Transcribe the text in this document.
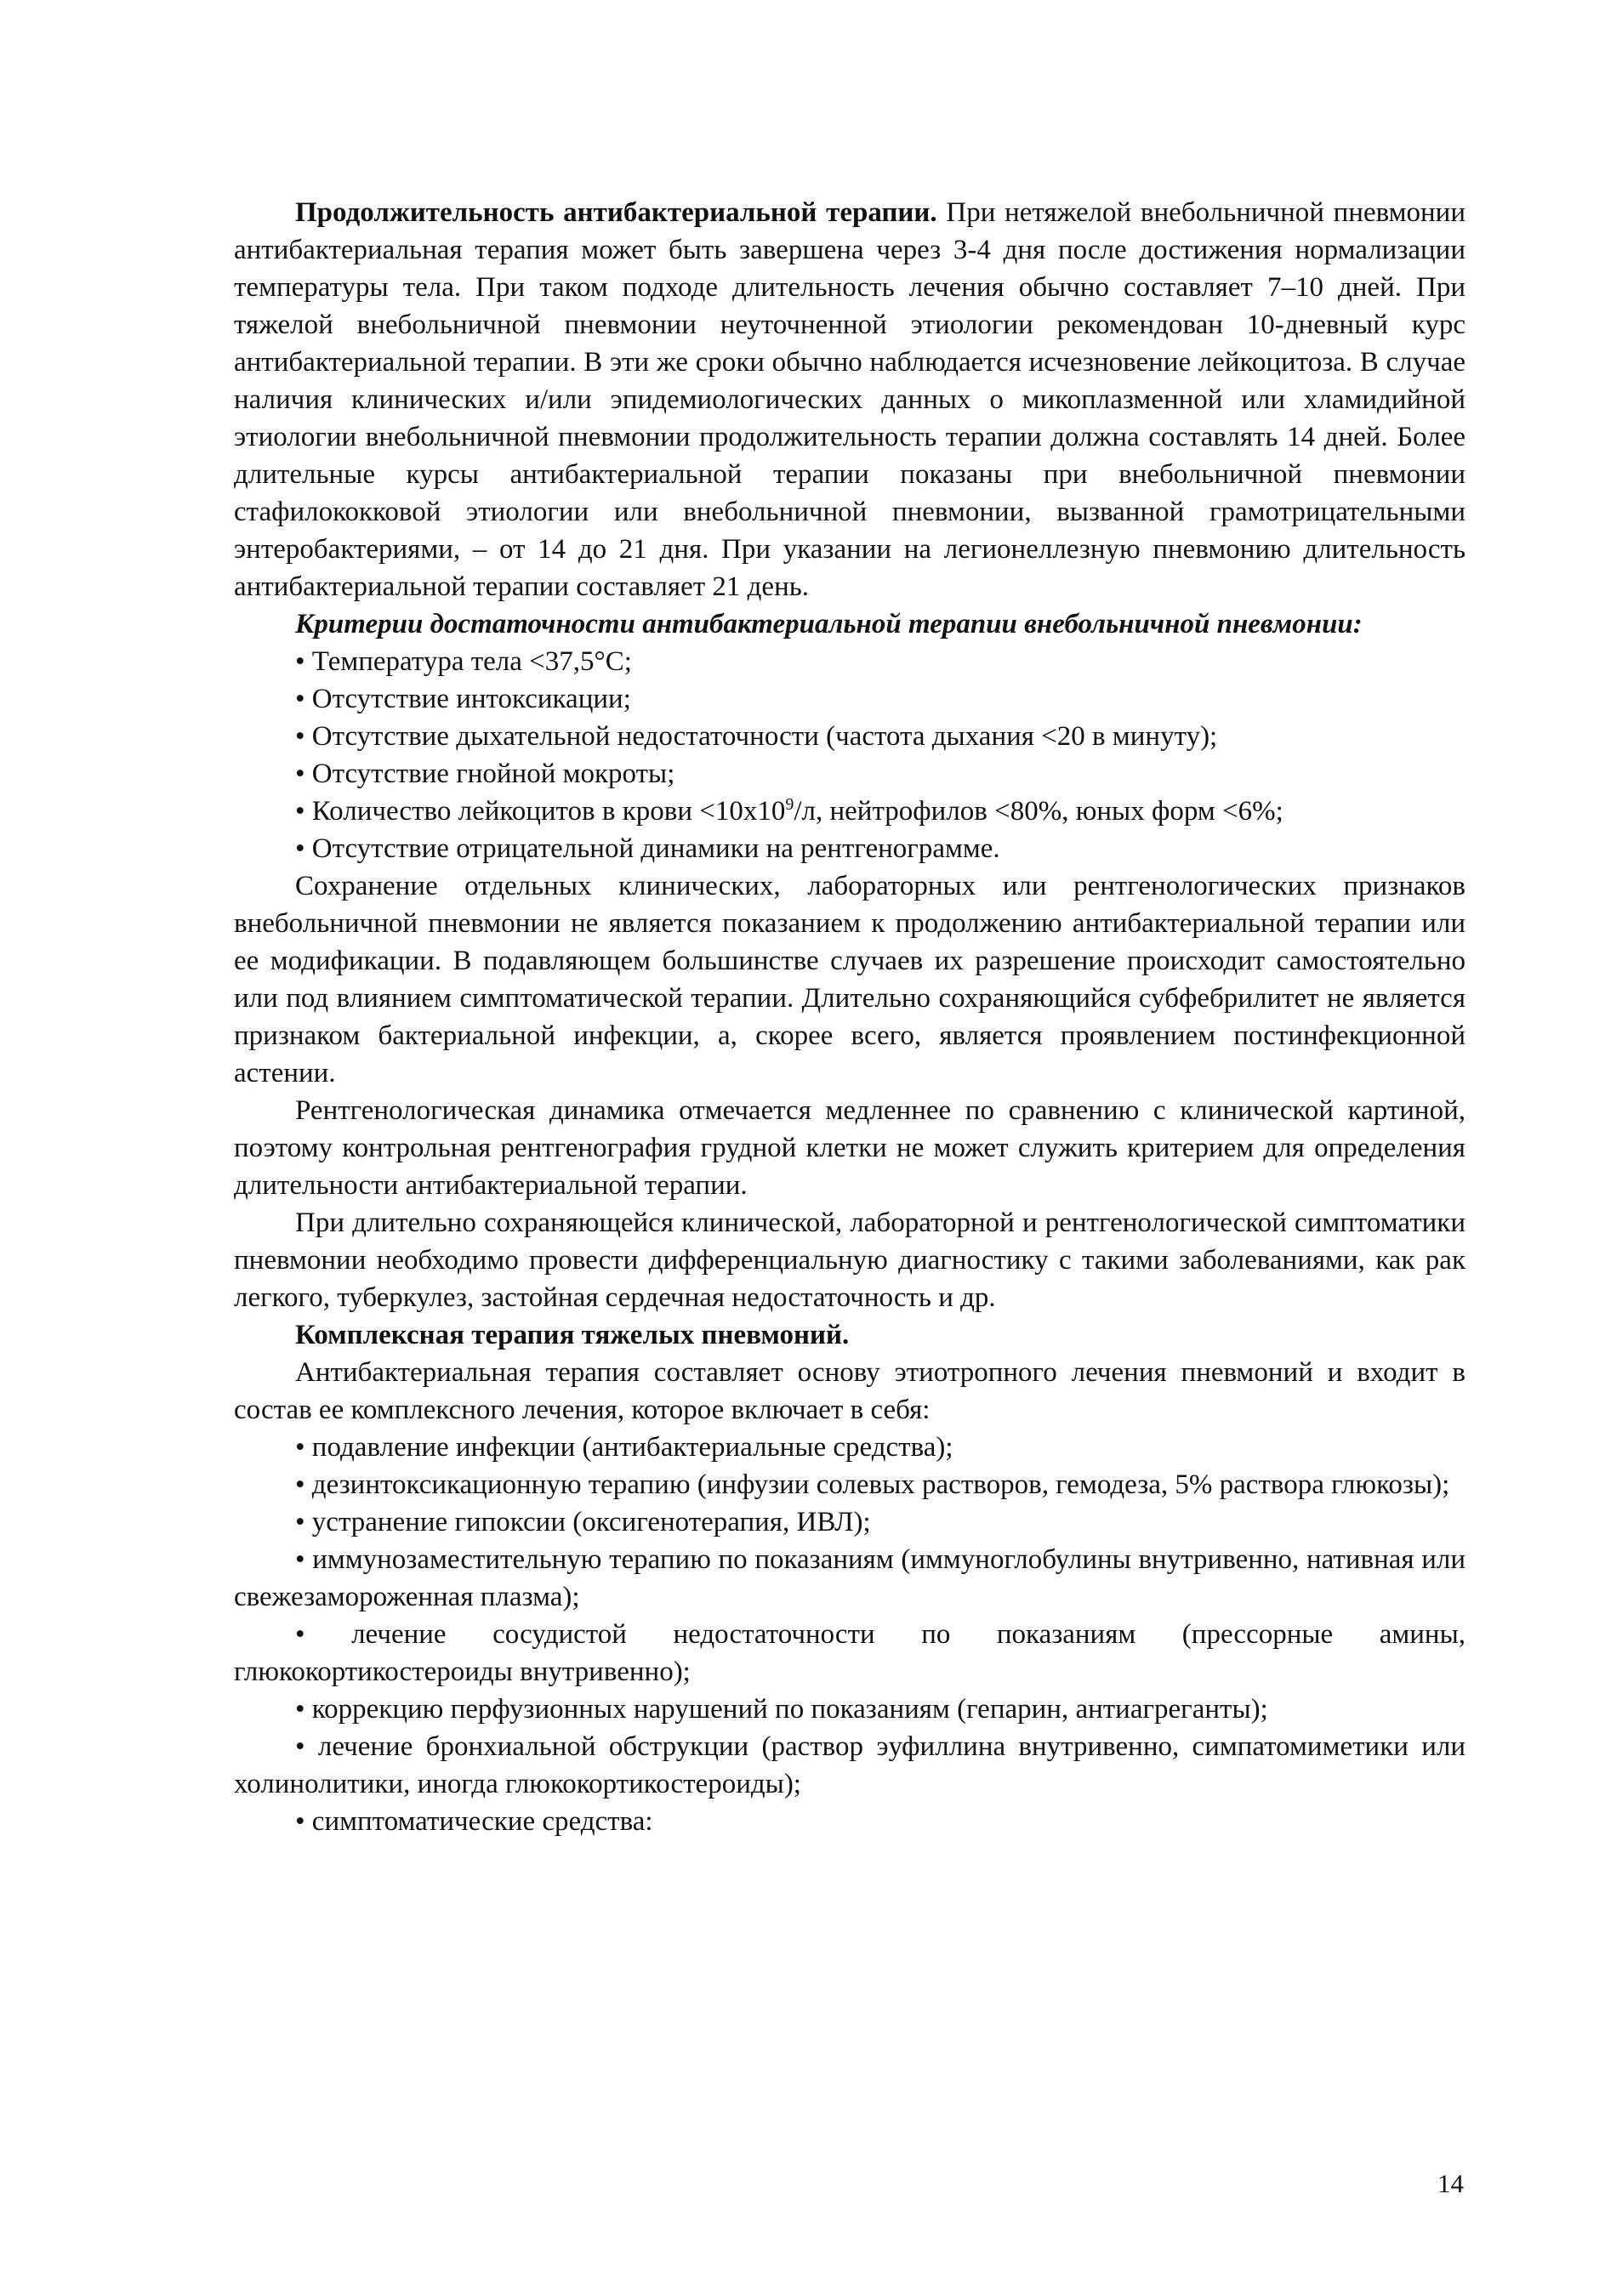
Продолжительность антибактериальной терапии. При нетяжелой внебольничной пневмонии антибактериальная терапия может быть завершена через 3-4 дня после достижения нормализации температуры тела. При таком подходе длительность лечения обычно составляет 7–10 дней. При тяжелой внебольничной пневмонии неуточненной этиологии рекомендован 10-дневный курс антибактериальной терапии. В эти же сроки обычно наблюдается исчезновение лейкоцитоза. В случае наличия клинических и/или эпидемиологических данных о микоплазменной или хламидийной этиологии внебольничной пневмонии продолжительность терапии должна составлять 14 дней. Более длительные курсы антибактериальной терапии показаны при внебольничной пневмонии стафилококковой этиологии или внебольничной пневмонии, вызванной грамотрицательными энтеробактериями, – от 14 до 21 дня. При указании на легионеллезную пневмонию длительность антибактериальной терапии составляет 21 день.

Критерии достаточности антибактериальной терапии внебольничной пневмонии:

• Температура тела <37,5°С;

• Отсутствие интоксикации;

• Отсутствие дыхательной недостаточности (частота дыхания <20 в минуту);

• Отсутствие гнойной мокроты;

• Количество лейкоцитов в крови $<10x10^9/л$, нейтрофилов <80%, юных форм <6%;

• Отсутствие отрицательной динамики на рентгенограмме.

Сохранение отдельных клинических, лабораторных или рентгенологических признаков внебольничной пневмонии не является показанием к продолжению антибактериальной терапии или ее модификации. В подавляющем большинстве случаев их разрешение происходит самостоятельно или под влиянием симптоматической терапии. Длительно сохраняющийся субфебрилитет не является признаком бактериальной инфекции, а, скорее всего, является проявлением постинфекционной астении.

Рентгенологическая динамика отмечается медленнее по сравнению с клинической картиной, поэтому контрольная рентгенография грудной клетки не может служить критерием для определения длительности антибактериальной терапии.

При длительно сохраняющейся клинической, лабораторной и рентгенологической симптоматики пневмонии необходимо провести дифференциальную диагностику с такими заболеваниями, как рак легкого, туберкулез, застойная сердечная недостаточность и др.

Комплексная терапия тяжелых пневмоний.

Антибактериальная терапия составляет основу этиотропного лечения пневмоний и входит в состав ее комплексного лечения, которое включает в себя:

• подавление инфекции (антибактериальные средства);

• дезинтоксикационную терапию (инфузии солевых растворов, гемодеза, 5% раствора глюкозы);

• устранение гипоксии (оксигенотерапия, ИВЛ);

• иммунозаместительную терапию по показаниям (иммуноглобулины внутривенно, нативная или свежезамороженная плазма);

• лечение сосудистой недостаточности по показаниям (прессорные амины, глюкокортикостероиды внутривенно);

• коррекцию перфузионных нарушений по показаниям (гепарин, антиагреганты);

• лечение бронхиальной обструкции (раствор эуфиллина внутривенно, симпатомиметики или холинолитики, иногда глюкокортикостероиды);

• симптоматические средства:

14
